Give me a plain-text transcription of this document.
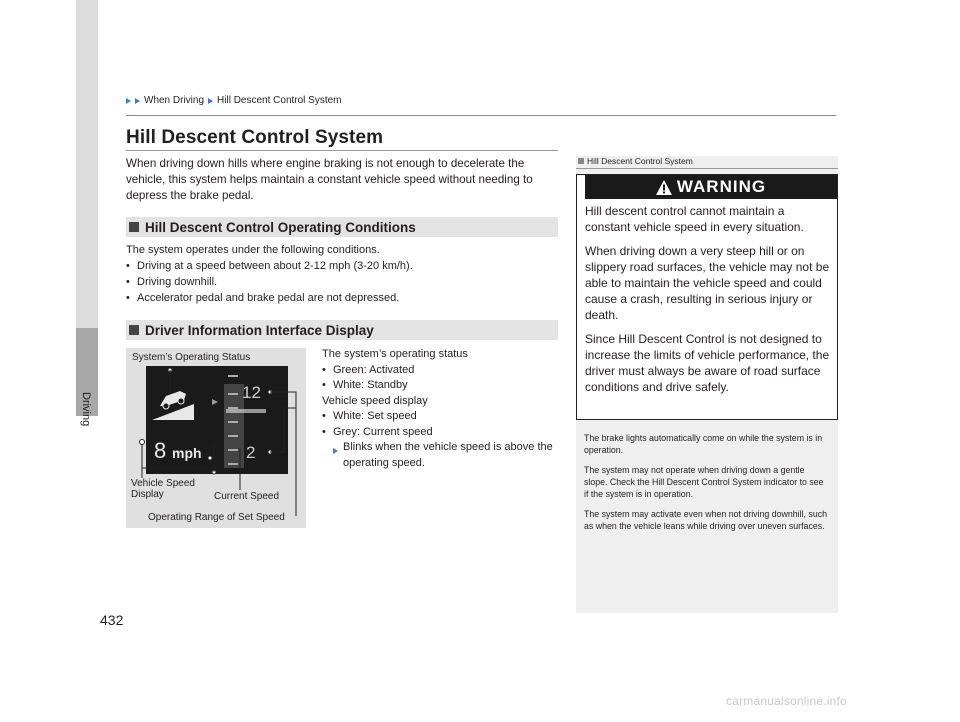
Driving
When Driving Hill Descent Control System
Hill Descent Control System
When driving down hills where engine braking is not enough to decelerate the vehicle, this system helps maintain a constant vehicle speed without needing to depress the brake pedal.
Hill Descent Control Operating Conditions
The system operates under the following conditions.
• Driving at a speed between about 2-12 mph (3-20 km/h).
• Driving downhill.
• Accelerator pedal and brake pedal are not depressed.
Driver Information Interface Display
System’s Operating Status
12
2
8 mph
Vehicle Speed
Display	Current Speed
Operating Range of Set Speed
The system’s operating status
• Green: Activated
• White: Standby
Vehicle speed display
• White: Set speed
• Grey: Current speed
Blinks when the vehicle speed is above the operating speed.
Hill Descent Control System
WARNING

Hill descent control cannot maintain a constant vehicle speed in every situation.

When driving down a very steep hill or on slippery road surfaces, the vehicle may not be able to maintain the vehicle speed and could cause a crash, resulting in serious injury or death.

Since Hill Descent Control is not designed to increase the limits of vehicle performance, the driver must always be aware of road surface conditions and drive safely.

The brake lights automatically come on while the system is in operation.

The system may not operate when driving down a gentle slope. Check the Hill Descent Control System indicator to see if the system is in operation.

The system may activate even when not driving downhill, such as when the vehicle leans while driving over uneven surfaces.

432
carmanualsonline.info
